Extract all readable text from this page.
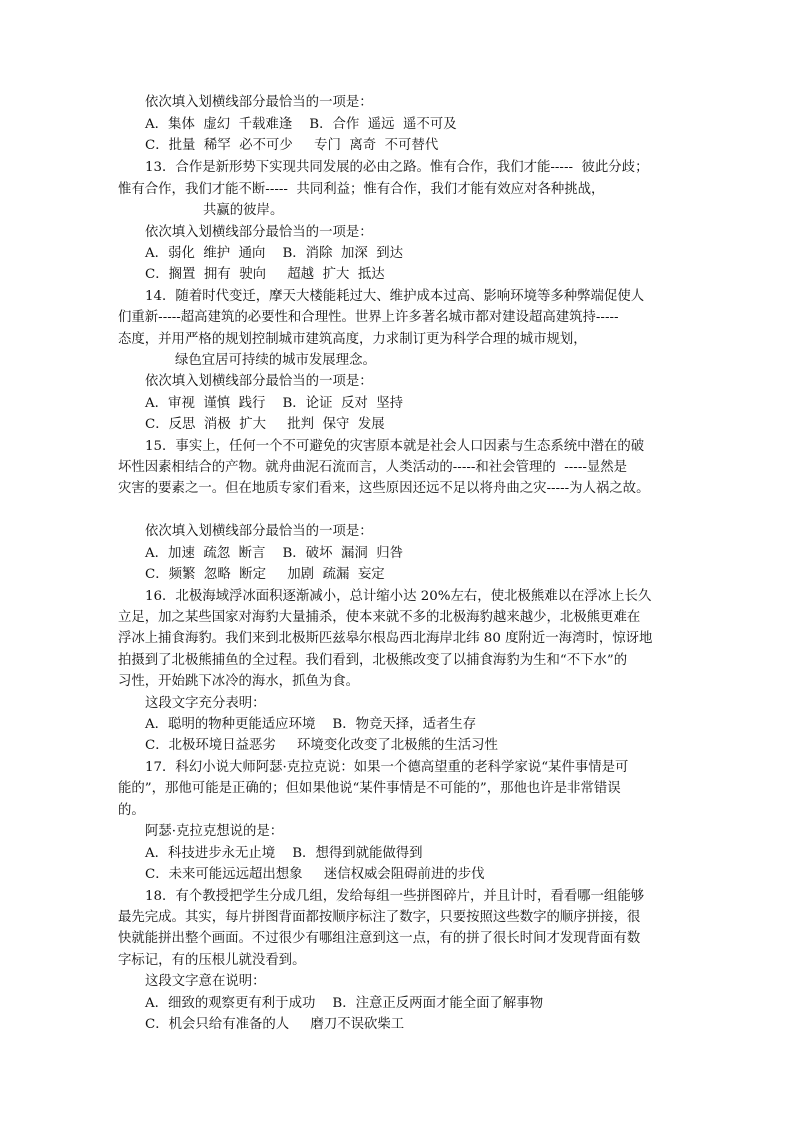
依次填入划横线部分最恰当的一项是：
A．集体  虚幻  千载难逢    B．合作  遥远  遥不可及
C．批量  稀罕  必不可少     专门  离奇  不可替代
13．合作是新形势下实现共同发展的必由之路。惟有合作，我们才能-----  彼此分歧；
惟有合作，我们才能不断-----  共同利益；惟有合作，我们才能有效应对各种挑战，
共赢的彼岸。
依次填入划横线部分最恰当的一项是：
A．弱化  维护  通向    B．消除  加深  到达
C．搁置  拥有  驶向     超越  扩大  抵达
14．随着时代变迁，摩天大楼能耗过大、维护成本过高、影响环境等多种弊端促使人
们重新-----超高建筑的必要性和合理性。世界上许多著名城市都对建设超高建筑持-----
态度，并用严格的规划控制城市建筑高度，力求制订更为科学合理的城市规划，
绿色宜居可持续的城市发展理念。
依次填入划横线部分最恰当的一项是：
A．审视  谨慎  践行    B．论证  反对  坚持
C．反思  消极  扩大     批判  保守  发展
15．事实上，任何一个不可避免的灾害原本就是社会人口因素与生态系统中潜在的破
坏性因素相结合的产物。就舟曲泥石流而言，人类活动的-----和社会管理的  -----显然是
灾害的要素之一。但在地质专家们看来，这些原因还远不足以将舟曲之灾-----为人祸之故。
依次填入划横线部分最恰当的一项是：
A．加速  疏忽  断言    B．破坏  漏洞  归咎
C．频繁  忽略  断定     加剧  疏漏  妄定
16．北极海域浮冰面积逐渐减小，总计缩小达 20%左右，使北极熊难以在浮冰上长久
立足，加之某些国家对海豹大量捕杀，使本来就不多的北极海豹越来越少，北极熊更难在
浮冰上捕食海豹。我们来到北极斯匹兹皋尔根岛西北海岸北纬 80 度附近一海湾时，惊讶地
拍摄到了北极熊捕鱼的全过程。我们看到，北极熊改变了以捕食海豹为生和“不下水”的
习性，开始跳下冰冷的海水，抓鱼为食。
这段文字充分表明：
A．聪明的物种更能适应环境    B．物竞天择，适者生存
C．北极环境日益恶劣     环境变化改变了北极熊的生活习性
17．科幻小说大师阿瑟·克拉克说：如果一个德高望重的老科学家说“某件事情是可
能的”，那他可能是正确的；但如果他说“某件事情是不可能的”，那他也许是非常错误
的。
阿瑟·克拉克想说的是：
A．科技进步永无止境    B．想得到就能做得到
C．未来可能远远超出想象     迷信权威会阻碍前进的步伐
18．有个教授把学生分成几组，发给每组一些拼图碎片，并且计时，看看哪一组能够
最先完成。其实，每片拼图背面都按顺序标注了数字，只要按照这些数字的顺序拼接，很
快就能拼出整个画面。不过很少有哪组注意到这一点，有的拼了很长时间才发现背面有数
字标记，有的压根儿就没看到。
这段文字意在说明：
A．细致的观察更有利于成功    B．注意正反两面才能全面了解事物
C．机会只给有准备的人     磨刀不误砍柴工
